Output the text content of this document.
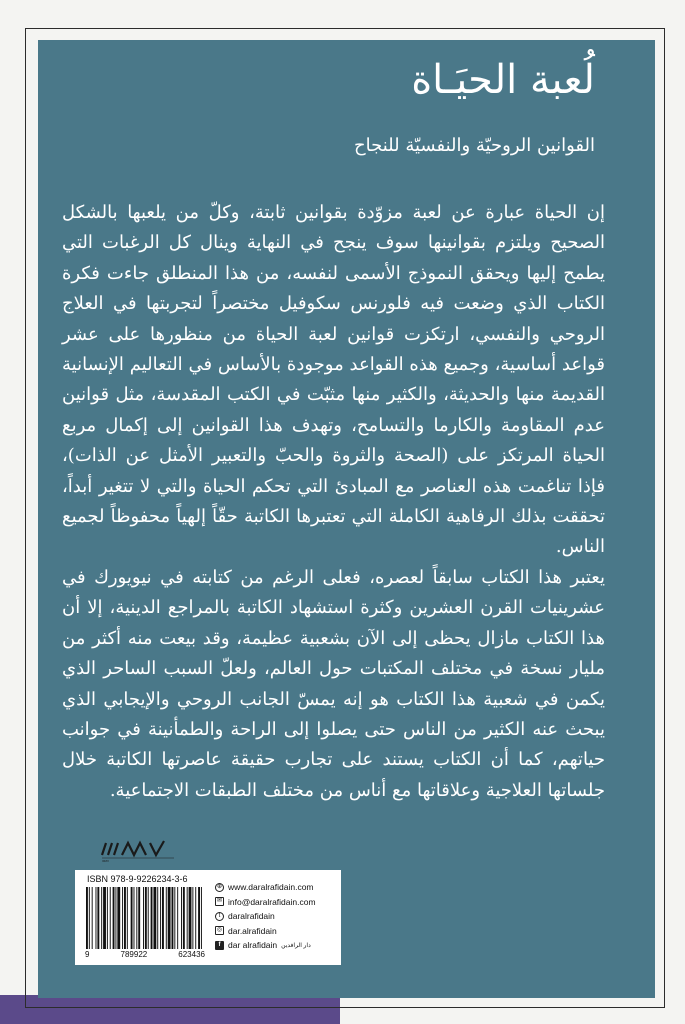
لُعبة الحيَـاة
القوانين الروحيّة والنفسيّة للنجاح

إن الحياة عبارة عن لعبة مزوّدة بقوانين ثابتة، وكلّ من يلعبها بالشكل الصحيح ويلتزم بقوانينها سوف ينجح في النهاية وينال كل الرغبات التي يطمح إليها ويحقق النموذج الأسمى لنفسه، من هذا المنطلق جاءت فكرة الكتاب الذي وضعت فيه فلورنس سكوفيل مختصراً لتجربتها في العلاج الروحي والنفسي، ارتكزت قوانين لعبة الحياة من منظورها على عشر قواعد أساسية، وجميع هذه القواعد موجودة بالأساس في التعاليم الإنسانية القديمة منها والحديثة، والكثير منها مثبّت في الكتب المقدسة، مثل قوانين عدم المقاومة والكارما والتسامح، وتهدف هذا القوانين إلى إكمال مربع الحياة المرتكز على (الصحة والثروة والحبّ والتعبير الأمثل عن الذات)، فإذا تناغمت هذه العناصر مع المبادئ التي تحكم الحياة والتي لا تتغير أبداً، تحققت بذلك الرفاهية الكاملة التي تعتبرها الكاتبة حقّاً إلهياً محفوظاً لجميع الناس.

يعتبر هذا الكتاب سابقاً لعصره، فعلى الرغم من كتابته في نيويورك في عشرينيات القرن العشرين وكثرة استشهاد الكاتبة بالمراجع الدينية، إلا أن هذا الكتاب مازال يحظى إلى الآن بشعبية عظيمة، وقد بيعت منه أكثر من مليار نسخة في مختلف المكتبات حول العالم، ولعلّ السبب الساحر الذي يكمن في شعبية هذا الكتاب هو إنه يمسّ الجانب الروحي والإيجابي الذي يبحث عنه الكثير من الناس حتى يصلوا إلى الراحة والطمأنينة في جوانب حياتهم، كما أن الكتاب يستند على تجارب حقيقة عاصرتها الكاتبة خلال جلساتها العلاجية وعلاقاتها مع أناس من مختلف الطبقات الاجتماعية.

IIIMV
ISBN 978-9-9226234-3-6
9	789922	623436
⊕ www.daralrafidain.com
✉ info@daralrafidain.com
t daralrafidain
◎ dar.alrafidain
f dar alrafidain دار الرافدين
